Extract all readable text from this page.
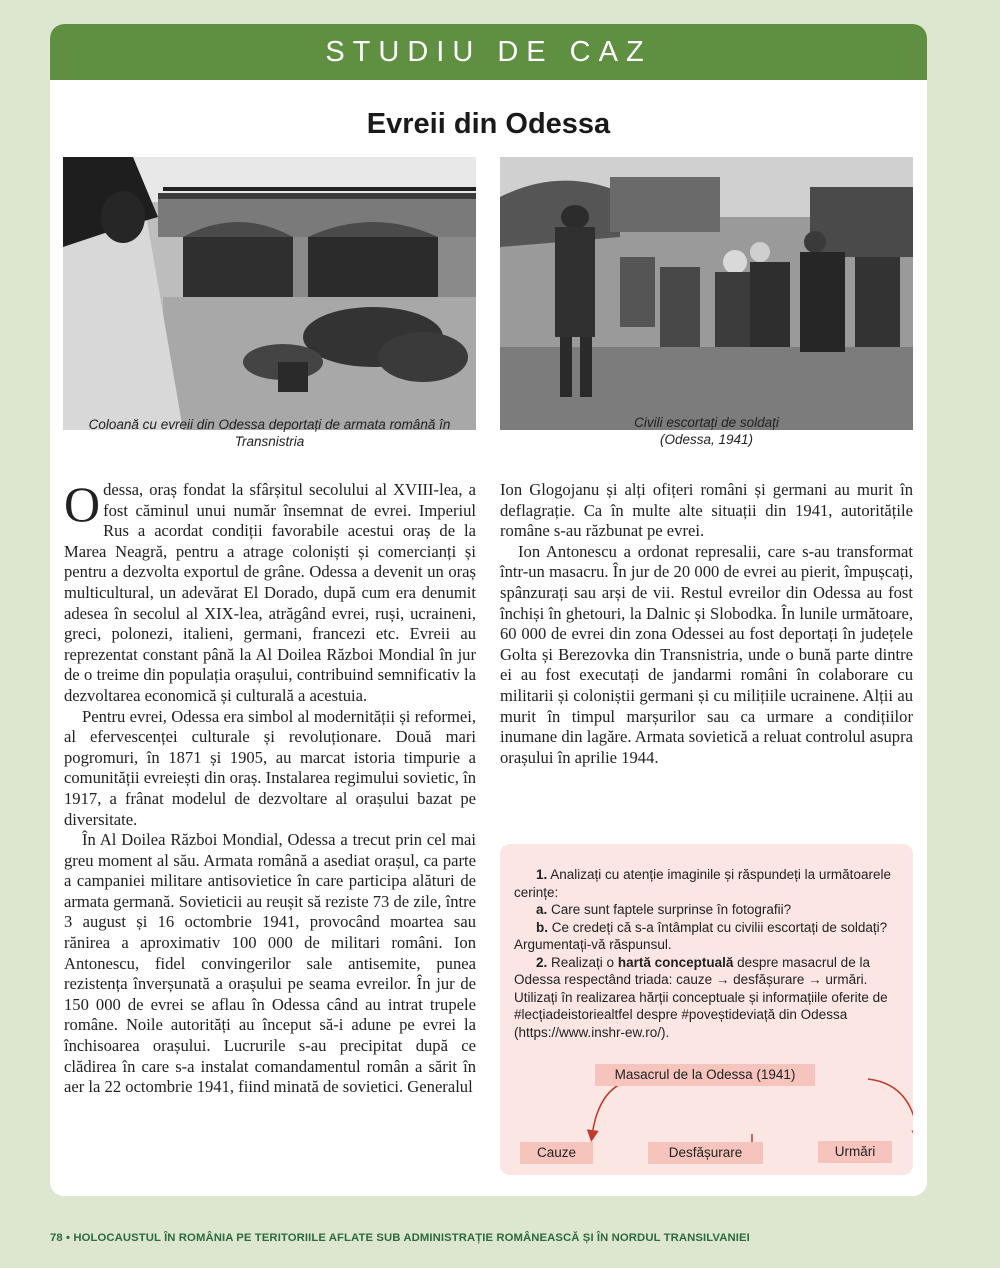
STUDIU DE CAZ
Evreii din Odessa
Coloană cu evreii din Odessa deportați de armata română în Transnistria
Civili escortați de soldați
(Odessa, 1941)

Odessa, oraș fondat la sfârșitul secolului al XVIII-lea, a fost căminul unui număr însemnat de evrei. Imperiul Rus a acordat condiții favorabile acestui oraș de la Marea Neagră, pentru a atrage coloniști și comercianți și pentru a dezvolta exportul de grâne. Odessa a devenit un oraș multicultural, un adevărat El Dorado, după cum era denumit adesea în secolul al XIX-lea, atrăgând evrei, ruși, ucraineni, greci, polonezi, italieni, germani, francezi etc. Evreii au reprezentat constant până la Al Doilea Război Mondial în jur de o treime din populația orașului, contribuind semnificativ la dezvoltarea economică și culturală a acestuia.

Pentru evrei, Odessa era simbol al modernității și reformei, al efervescenței culturale și revoluționare. Două mari pogromuri, în 1871 și 1905, au marcat istoria timpurie a comunității evreiești din oraș. Instalarea regimului sovietic, în 1917, a frânat modelul de dezvoltare al orașului bazat pe diversitate.

În Al Doilea Război Mondial, Odessa a trecut prin cel mai greu moment al său. Armata română a asediat orașul, ca parte a campaniei militare antisovietice în care participa alături de armata germană. Sovieticii au reușit să reziste 73 de zile, între 3 august și 16 octombrie 1941, provocând moartea sau rănirea a aproximativ 100 000 de militari români. Ion Antonescu, fidel convingerilor sale antisemite, punea rezistența înverșunată a orașului pe seama evreilor. În jur de 150 000 de evrei se aflau în Odessa când au intrat trupele române. Noile autorități au început să-i adune pe evrei la închisoarea orașului. Lucrurile s-au precipitat după ce clădirea în care s-a instalat comandamentul român a sărit în aer la 22 octombrie 1941, fiind minată de sovietici. Generalul

Ion Glogojanu și alți ofițeri români și germani au murit în deflagrație. Ca în multe alte situații din 1941, autoritățile române s-au răzbunat pe evrei.

Ion Antonescu a ordonat represalii, care s-au transformat într-un masacru. În jur de 20 000 de evrei au pierit, împușcați, spânzurați sau arși de vii. Restul evreilor din Odessa au fost închiși în ghetouri, la Dalnic și Slobodka. În lunile următoare, 60 000 de evrei din zona Odessei au fost deportați în județele Golta și Berezovka din Transnistria, unde o bună parte dintre ei au fost executați de jandarmi români în colaborare cu militarii și coloniștii germani și cu milițiile ucrainene. Alții au murit în timpul marșurilor sau ca urmare a condițiilor inumane din lagăre. Armata sovietică a reluat controlul asupra orașului în aprilie 1944.

1. Analizați cu atenție imaginile și răspundeți la următoarele cerințe:
a. Care sunt faptele surprinse în fotografii?
b. Ce credeți că s-a întâmplat cu civilii escortați de soldați? Argumentați-vă răspunsul.
2. Realizați o hartă conceptuală despre masacrul de la Odessa respectând triada: cauze → desfășurare → urmări. Utilizați în realizarea hărții conceptuale și informațiile oferite de #lecțiadeistoriealtfel despre #poveștideviață din Odessa (https://www.inshr-ew.ro/).
Masacrul de la Odessa (1941)
Cauze	Desfășurare	Urmări
78 • HOLOCAUSTUL ÎN ROMÂNIA PE TERITORIILE AFLATE SUB ADMINISTRAȚIE ROMÂNEASCĂ ȘI ÎN NORDUL TRANSILVANIEI
